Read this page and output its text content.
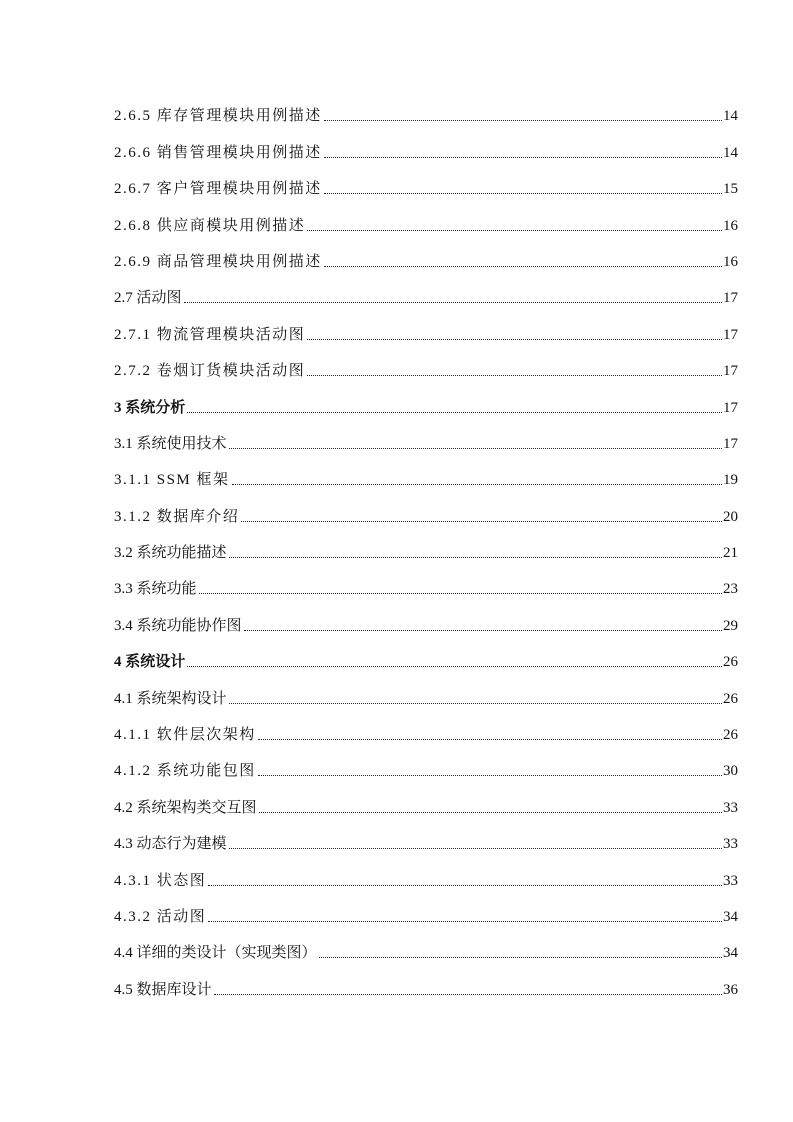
2.6.5 库存管理模块用例描述	14
2.6.6 销售管理模块用例描述	14
2.6.7 客户管理模块用例描述	15
2.6.8 供应商模块用例描述	16
2.6.9 商品管理模块用例描述	16
2.7 活动图	17
2.7.1 物流管理模块活动图	17
2.7.2 卷烟订货模块活动图	17
3 系统分析	17
3.1 系统使用技术	17
3.1.1 SSM 框架	19
3.1.2 数据库介绍	20
3.2 系统功能描述	21
3.3 系统功能	23
3.4 系统功能协作图	29
4 系统设计	26
4.1 系统架构设计	26
4.1.1 软件层次架构	26
4.1.2 系统功能包图	30
4.2 系统架构类交互图	33
4.3 动态行为建模	33
4.3.1 状态图	33
4.3.2 活动图	34
4.4 详细的类设计（实现类图）	34
4.5 数据库设计	36
